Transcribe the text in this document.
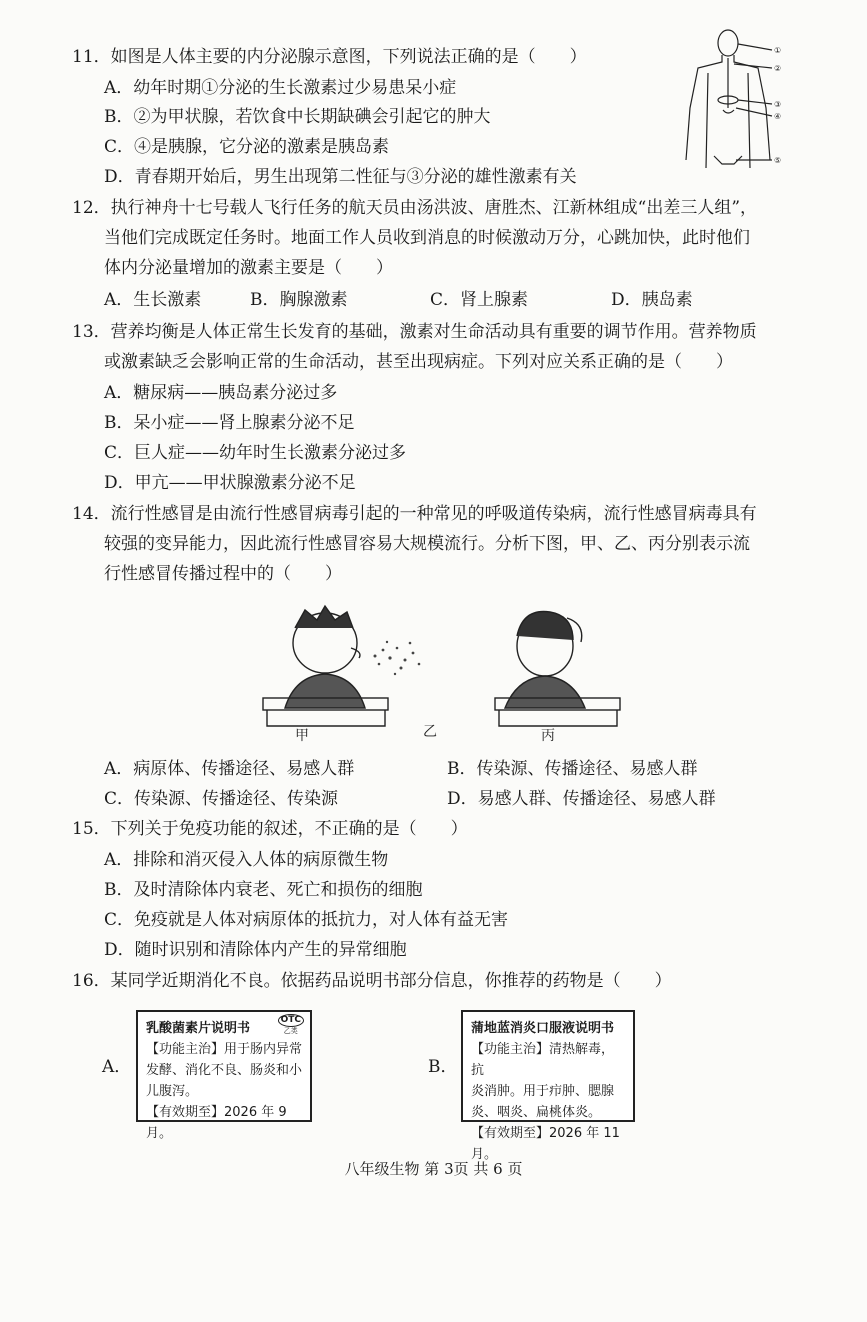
11．如图是人体主要的内分泌腺示意图，下列说法正确的是（　　）
A．幼年时期①分泌的生长激素过少易患呆小症
B．②为甲状腺，若饮食中长期缺碘会引起它的肿大
C．④是胰腺，它分泌的激素是胰岛素
D．青春期开始后，男生出现第二性征与③分泌的雄性激素有关
①
②
③
④
⑤
12．执行神舟十七号载人飞行任务的航天员由汤洪波、唐胜杰、江新林组成“出差三人组”，
当他们完成既定任务时。地面工作人员收到消息的时候激动万分，心跳加快，此时他们
体内分泌量增加的激素主要是（　　）
A．生长激素	B．胸腺激素	C．肾上腺素	D．胰岛素
13．营养均衡是人体正常生长发育的基础，激素对生命活动具有重要的调节作用。营养物质
或激素缺乏会影响正常的生命活动，甚至出现病症。下列对应关系正确的是（　　）
A．糖尿病——胰岛素分泌过多
B．呆小症——肾上腺素分泌不足
C．巨人症——幼年时生长激素分泌过多
D．甲亢——甲状腺激素分泌不足
14．流行性感冒是由流行性感冒病毒引起的一种常见的呼吸道传染病，流行性感冒病毒具有
较强的变异能力，因此流行性感冒容易大规模流行。分析下图，甲、乙、丙分别表示流
行性感冒传播过程中的（　　）
甲	乙	丙
A．病原体、传播途径、易感人群	B．传染源、传播途径、易感人群
C．传染源、传播途径、传染源	D．易感人群、传播途径、易感人群
15．下列关于免疫功能的叙述，不正确的是（　　）
A．排除和消灭侵入人体的病原微生物
B．及时清除体内衰老、死亡和损伤的细胞
C．免疫就是人体对病原体的抵抗力，对人体有益无害
D．随时识别和清除体内产生的异常细胞
16．某同学近期消化不良。依据药品说明书部分信息，你推荐的药物是（　　）
A．
乳酸菌素片说明书
OTC
乙类
【功能主治】用于肠内异常
发酵、消化不良、肠炎和小
儿腹泻。
【有效期至】2026 年 9 月。
B．
蒲地蓝消炎口服液说明书
【功能主治】清热解毒，抗
炎消肿。用于疖肿、腮腺
炎、咽炎、扁桃体炎。
【有效期至】2026 年 11 月。
八年级生物 第 3页 共 6 页
